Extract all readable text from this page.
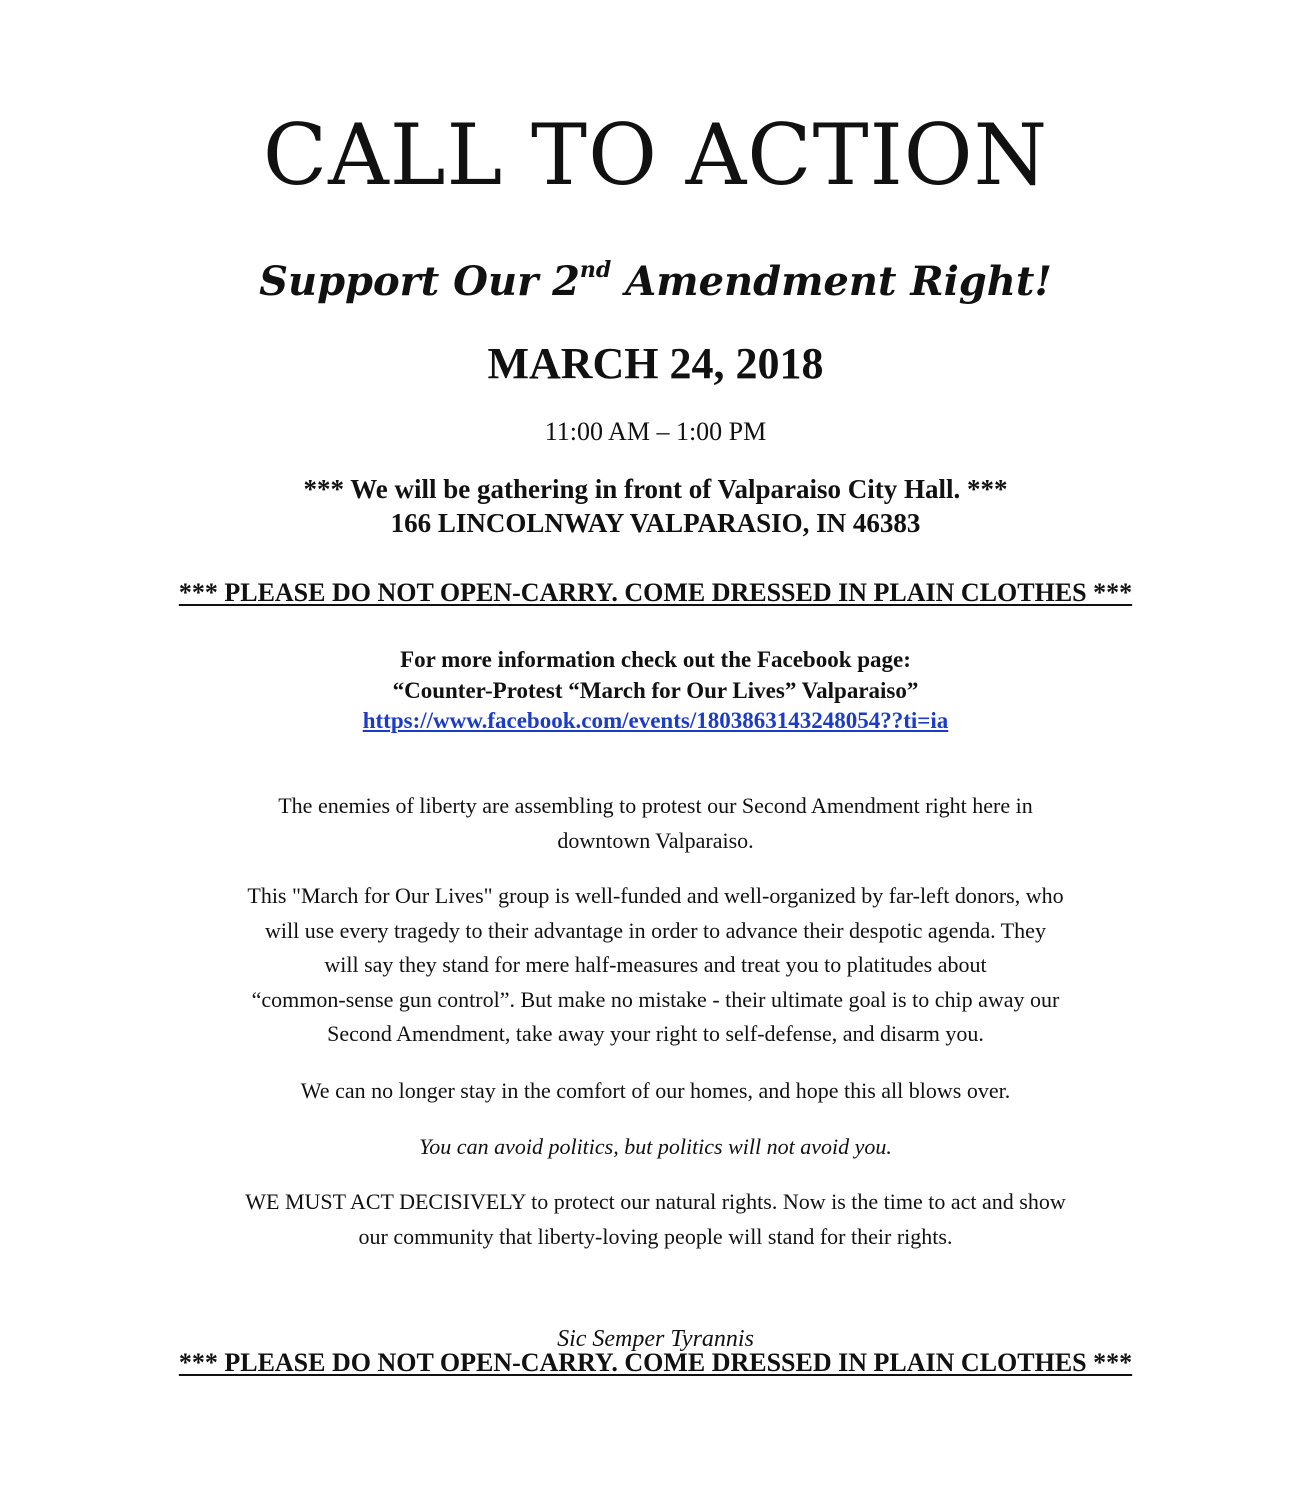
CALL TO ACTION
Support Our 2nd Amendment Right!
MARCH 24, 2018
11:00 AM – 1:00 PM
*** We will be gathering in front of Valparaiso City Hall. ***
166 LINCOLNWAY VALPARASIO, IN 46383
*** PLEASE DO NOT OPEN-CARRY. COME DRESSED IN PLAIN CLOTHES ***
For more information check out the Facebook page:
“Counter-Protest “March for Our Lives” Valparaiso”
https://www.facebook.com/events/180386314324805​4??ti=ia
The enemies of liberty are assembling to protest our Second Amendment right here in
downtown Valparaiso.
This "March for Our Lives" group is well-funded and well-organized by far-left donors, who
will use every tragedy to their advantage in order to advance their despotic agenda. They
will say they stand for mere half-measures and treat you to platitudes about
“common-sense gun control”. But make no mistake - their ultimate goal is to chip away our
Second Amendment, take away your right to self-defense, and disarm you.
We can no longer stay in the comfort of our homes, and hope this all blows over.
You can avoid politics, but politics will not avoid you.
WE MUST ACT DECISIVELY to protect our natural rights. Now is the time to act and show
our community that liberty-loving people will stand for their rights.
Sic Semper Tyrannis
*** PLEASE DO NOT OPEN-CARRY. COME DRESSED IN PLAIN CLOTHES ***
